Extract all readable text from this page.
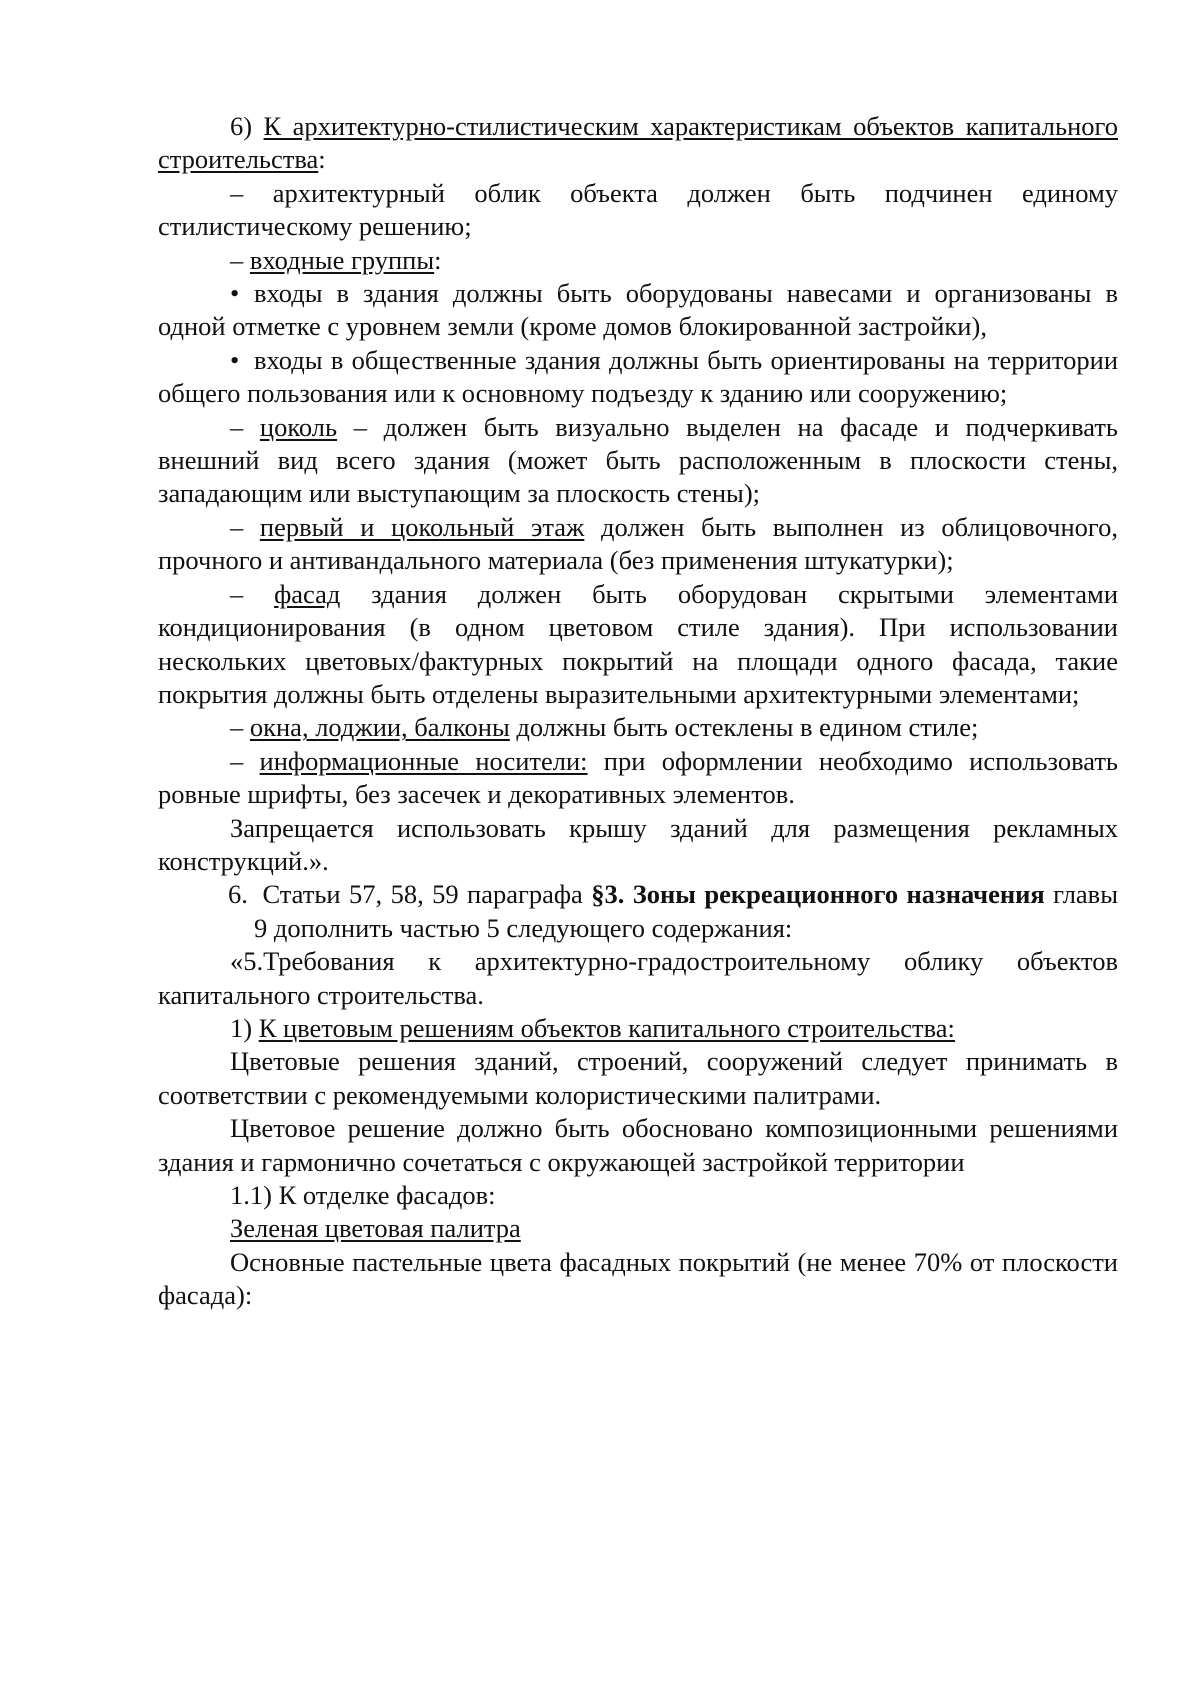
6) К архитектурно-стилистическим характеристикам объектов капитального строительства:

– архитектурный облик объекта должен быть подчинен единому стилистическому решению;

– входные группы:

• входы в здания должны быть оборудованы навесами и организованы в одной отметке с уровнем земли (кроме домов блокированной застройки),

• входы в общественные здания должны быть ориентированы на территории общего пользования или к основному подъезду к зданию или сооружению;

– цоколь – должен быть визуально выделен на фасаде и подчеркивать внешний вид всего здания (может быть расположенным в плоскости стены, западающим или выступающим за плоскость стены);

– первый и цокольный этаж должен быть выполнен из облицовочного, прочного и антивандального материала (без применения штукатурки);

– фасад здания должен быть оборудован скрытыми элементами кондиционирования (в одном цветовом стиле здания). При использовании нескольких цветовых/фактурных покрытий на площади одного фасада, такие покрытия должны быть отделены выразительными архитектурными элементами;

– окна, лоджии, балконы должны быть остеклены в едином стиле;

– информационные носители: при оформлении необходимо использовать ровные шрифты, без засечек и декоративных элементов.

Запрещается использовать крышу зданий для размещения рекламных конструкций.».

6. Статьи 57, 58, 59 параграфа §3. Зоны рекреационного назначения главы 9 дополнить частью 5 следующего содержания:

«5.Требования к архитектурно-градостроительному облику объектов капитального строительства.

1) К цветовым решениям объектов капитального строительства:

Цветовые решения зданий, строений, сооружений следует принимать в соответствии с рекомендуемыми колористическими палитрами.

Цветовое решение должно быть обосновано композиционными решениями здания и гармонично сочетаться с окружающей застройкой территории

1.1) К отделке фасадов:

Зеленая цветовая палитра

Основные пастельные цвета фасадных покрытий (не менее 70% от плоскости фасада):
